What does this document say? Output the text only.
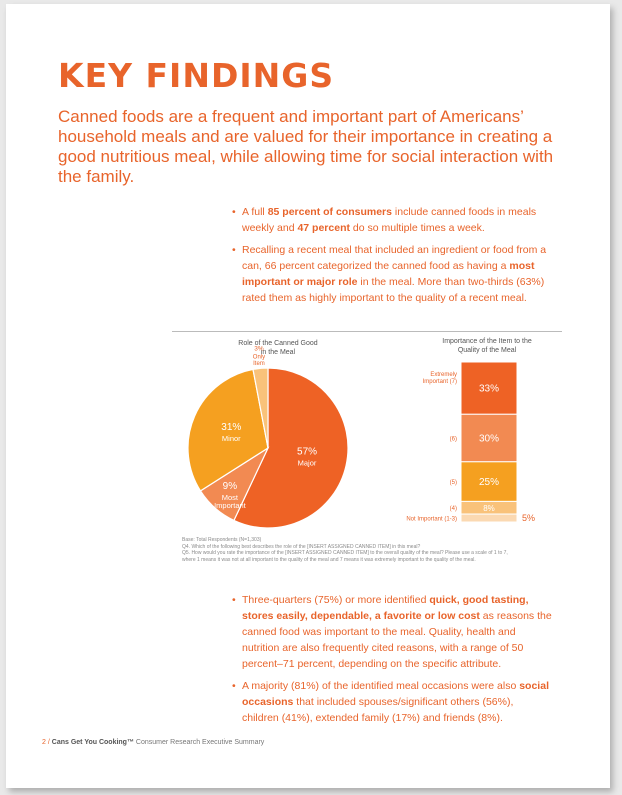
KEY FINDINGS

Canned foods are a frequent and important part of Americans’ household meals and are valued for their importance in creating a good nutritious meal, while allowing time for social interaction with the family.

• A full 85 percent of consumers include canned foods in meals weekly and 47 percent do so multiple times a week.
• Recalling a recent meal that included an ingredient or food from a can, 66 percent categorized the canned food as having a most important or major role in the meal. More than two-thirds (63%) rated them as highly important to the quality of a recent meal.
Role of the Canned Good
in the Meal
57%
Major
9%
Most
Important
31%
Minor
3%
Only
Item
Importance of the Item to the
Quality of the Meal
33%
Extremely
Important (7)
30%
(6)
25%
(5)
8%
(4)
5%
Not Important (1-3)
Base: Total Respondents (N=1,303)
Q4. Which of the following best describes the role of the [INSERT ASSIGNED CANNED ITEM] in this meal?
Q5. How would you rate the importance of the [INSERT ASSIGNED CANNED ITEM] to the overall quality of the meal? Please use a scale of 1 to 7,
where 1 means it was not at all important to the quality of the meal and 7 means it was extremely important to the quality of the meal.
• Three-quarters (75%) or more identified quick, good tasting, stores easily, dependable, a favorite or low cost as reasons the canned food was important to the meal. Quality, health and nutrition are also frequently cited reasons, with a range of 50 percent–71 percent, depending on the specific attribute.
• A majority (81%) of the identified meal occasions were also social occasions that included spouses/significant others (56%), children (41%), extended family (17%) and friends (8%).
2 / Cans Get You Cooking™ Consumer Research Executive Summary
